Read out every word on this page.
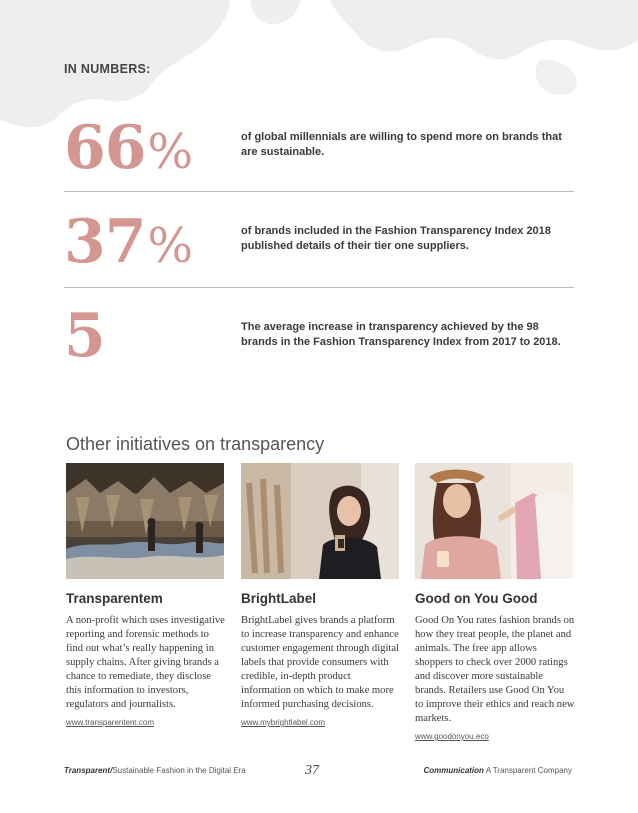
IN NUMBERS:
66%	of global millennials are willing to spend more on brands that are sustainable.
37%	of brands included in the Fashion Transparency Index 2018 published details of their tier one suppliers.
5	The average increase in transparency achieved by the 98 brands in the Fashion Transparency Index from 2017 to 2018.
Other initiatives on transparency
Transparentem
A non-profit which uses investigative reporting and forensic methods to find out what’s really happening in supply chains. After giving brands a chance to remediate, they disclose this information to investors, regulators and journalists.
www.transparentem.com
BrightLabel
BrightLabel gives brands a platform to increase transparency and enhance customer engagement through digital labels that provide consumers with credible, in-depth product information on which to make more informed purchasing decisions.
www.mybrightlabel.com
Good on You Good
Good On You rates fashion brands on how they treat people, the planet and animals. The free app allows shoppers to check over 2000 ratings and discover more sustainable brands. Retailers use Good On You to improve their ethics and reach new markets.
www.goodonyou.eco
Transparent/Sustainable Fashion in the Digital Era	37	Communication A Transparent Company
